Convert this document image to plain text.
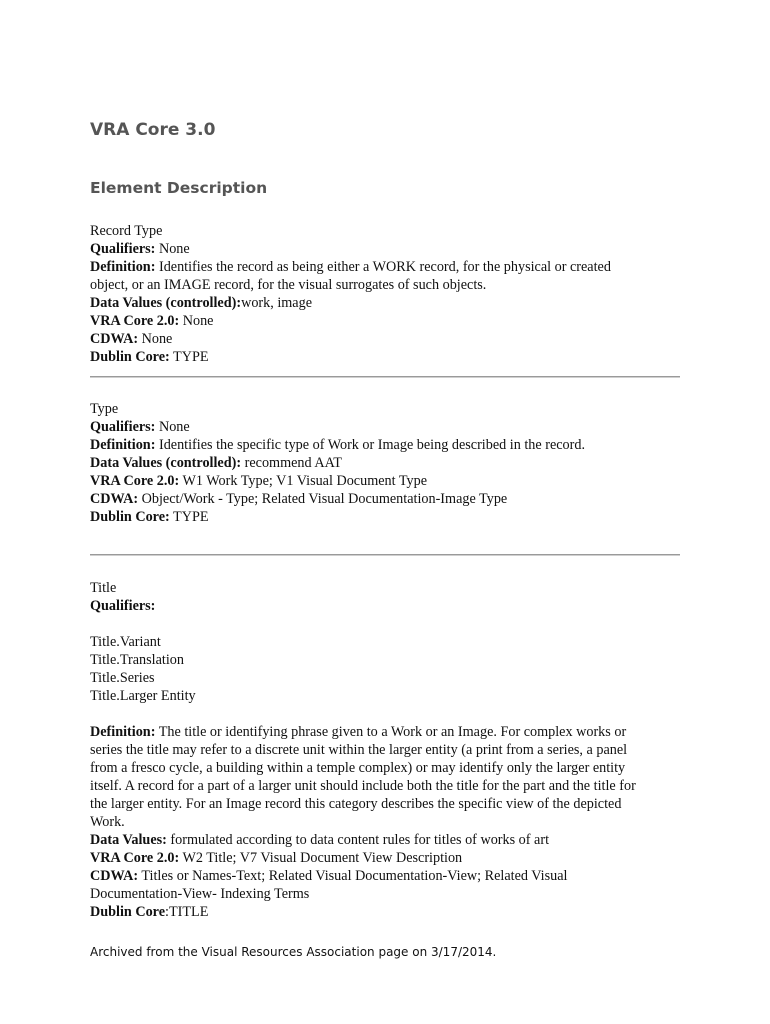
VRA Core 3.0
Element Description

Record Type

Qualifiers: None

Definition: Identifies the record as being either a WORK record, for the physical or created

object, or an IMAGE record, for the visual surrogates of such objects.

Data Values (controlled):work, image

VRA Core 2.0: None

CDWA: None

Dublin Core: TYPE

Type

Qualifiers: None

Definition: Identifies the specific type of Work or Image being described in the record.

Data Values (controlled): recommend AAT

VRA Core 2.0: W1 Work Type; V1 Visual Document Type

CDWA: Object/Work - Type; Related Visual Documentation-Image Type

Dublin Core: TYPE

Title

Qualifiers:

Title.Variant

Title.Translation

Title.Series

Title.Larger Entity

Definition: The title or identifying phrase given to a Work or an Image. For complex works or

series the title may refer to a discrete unit within the larger entity (a print from a series, a panel

from a fresco cycle, a building within a temple complex) or may identify only the larger entity

itself. A record for a part of a larger unit should include both the title for the part and the title for

the larger entity. For an Image record this category describes the specific view of the depicted

Work.

Data Values: formulated according to data content rules for titles of works of art

VRA Core 2.0: W2 Title; V7 Visual Document View Description

CDWA: Titles or Names-Text; Related Visual Documentation-View; Related Visual

Documentation-View- Indexing Terms

Dublin Core:TITLE

Archived from the Visual Resources Association page on 3/17/2014.
